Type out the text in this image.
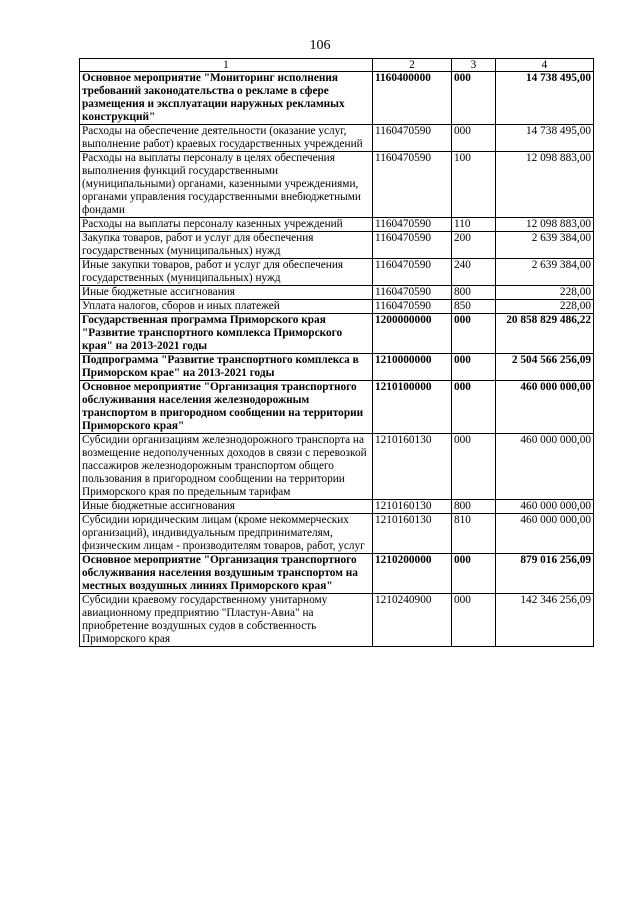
106
1	2	3	4
Основное мероприятие "Мониторинг исполнения требований законодательства о рекламе в сфере размещения и эксплуатации наружных рекламных конструкций"	1160400000	000	14 738 495,00
Расходы на обеспечение деятельности (оказание услуг, выполнение работ) краевых государственных учреждений	1160470590	000	14 738 495,00
Расходы на выплаты персоналу в целях обеспечения выполнения функций государственными (муниципальными) органами, казенными учреждениями, органами управления государственными внебюджетными фондами	1160470590	100	12 098 883,00
Расходы на выплаты персоналу казенных учреждений	1160470590	110	12 098 883,00
Закупка товаров, работ и услуг для обеспечения государственных (муниципальных) нужд	1160470590	200	2 639 384,00
Иные закупки товаров, работ и услуг для обеспечения государственных (муниципальных) нужд	1160470590	240	2 639 384,00
Иные бюджетные ассигнования	1160470590	800	228,00
Уплата налогов, сборов и иных платежей	1160470590	850	228,00
Государственная программа Приморского края "Развитие транспортного комплекса Приморского края" на 2013-2021 годы	1200000000	000	20 858 829 486,22
Подпрограмма "Развитие транспортного комплекса в Приморском крае" на 2013-2021 годы	1210000000	000	2 504 566 256,09
Основное мероприятие "Организация транспортного обслуживания населения железнодорожным транспортом в пригородном сообщении на территории Приморского края"	1210100000	000	460 000 000,00
Субсидии организациям железнодорожного транспорта на возмещение недополученных доходов в связи с перевозкой пассажиров железнодорожным транспортом общего пользования в пригородном сообщении на территории Приморского края по предельным тарифам	1210160130	000	460 000 000,00
Иные бюджетные ассигнования	1210160130	800	460 000 000,00
Субсидии юридическим лицам (кроме некоммерческих организаций), индивидуальным предпринимателям, физическим лицам - производителям товаров, работ, услуг	1210160130	810	460 000 000,00
Основное мероприятие "Организация транспортного обслуживания населения воздушным транспортом на местных воздушных линиях Приморского края"	1210200000	000	879 016 256,09
Субсидии краевому государственному унитарному авиационному предприятию "Пластун-Авиа" на приобретение воздушных судов в собственность Приморского края	1210240900	000	142 346 256,09
